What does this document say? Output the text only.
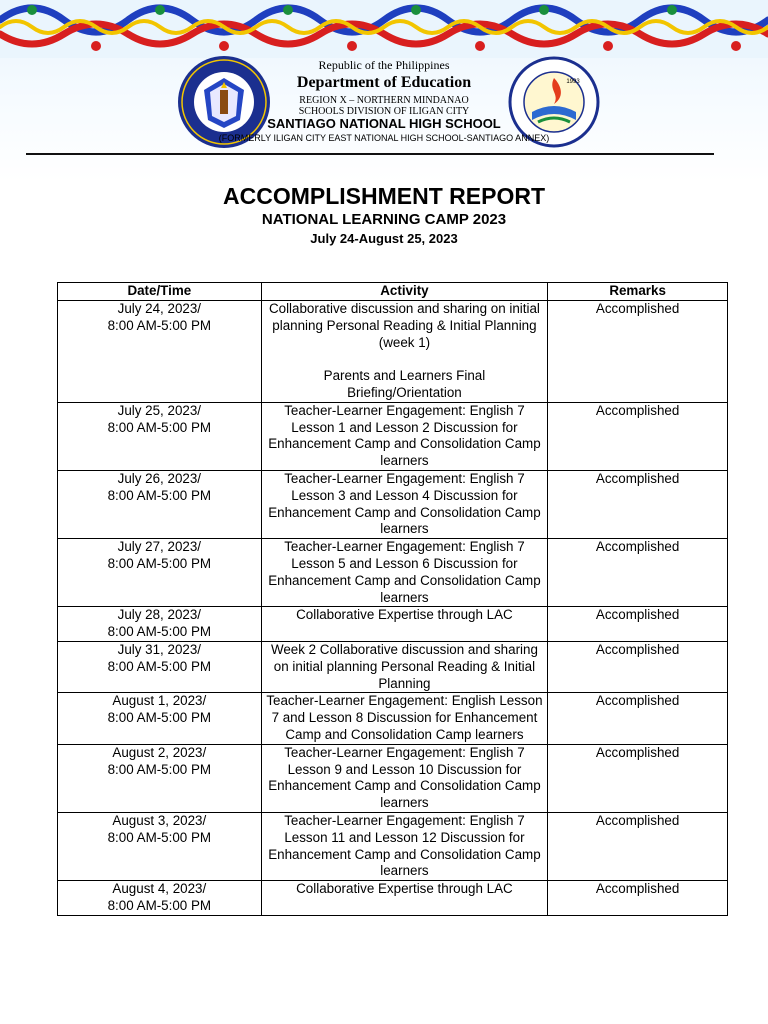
1993
Republic of the Philippines
Department of Education
REGION X – NORTHERN MINDANAO
SCHOOLS DIVISION OF ILIGAN CITY
SANTIAGO NATIONAL HIGH SCHOOL
(FORMERLY ILIGAN CITY EAST NATIONAL HIGH SCHOOL-SANTIAGO ANNEX)
ACCOMPLISHMENT REPORT
NATIONAL LEARNING CAMP 2023
July 24-August 25, 2023
Date/Time	Activity	Remarks

July 24, 2023/
8:00 AM-5:00 PM	Collaborative discussion and sharing on initial planning Personal Reading & Initial Planning (week 1)
Parents and Learners Final Briefing/Orientation	Accomplished

July 25, 2023/
8:00 AM-5:00 PM	Teacher-Learner Engagement: English 7 Lesson 1 and Lesson 2 Discussion for Enhancement Camp and Consolidation Camp learners	Accomplished

July 26, 2023/
8:00 AM-5:00 PM	Teacher-Learner Engagement: English 7 Lesson 3 and Lesson 4 Discussion for Enhancement Camp and Consolidation Camp learners	Accomplished

July 27, 2023/
8:00 AM-5:00 PM	Teacher-Learner Engagement: English 7 Lesson 5 and Lesson 6 Discussion for Enhancement Camp and Consolidation Camp learners	Accomplished

July 28, 2023/
8:00 AM-5:00 PM	Collaborative Expertise through LAC	Accomplished

July 31, 2023/
8:00 AM-5:00 PM	Week 2 Collaborative discussion and sharing on initial planning Personal Reading & Initial Planning	Accomplished

August 1, 2023/
8:00 AM-5:00 PM	Teacher-Learner Engagement: English Lesson 7 and Lesson 8 Discussion for Enhancement Camp and Consolidation Camp learners	Accomplished

August 2, 2023/
8:00 AM-5:00 PM	Teacher-Learner Engagement: English 7 Lesson 9 and Lesson 10 Discussion for Enhancement Camp and Consolidation Camp learners	Accomplished

August 3, 2023/
8:00 AM-5:00 PM	Teacher-Learner Engagement: English 7 Lesson 11 and Lesson 12 Discussion for Enhancement Camp and Consolidation Camp learners	Accomplished

August 4, 2023/
8:00 AM-5:00 PM	Collaborative Expertise through LAC	Accomplished
